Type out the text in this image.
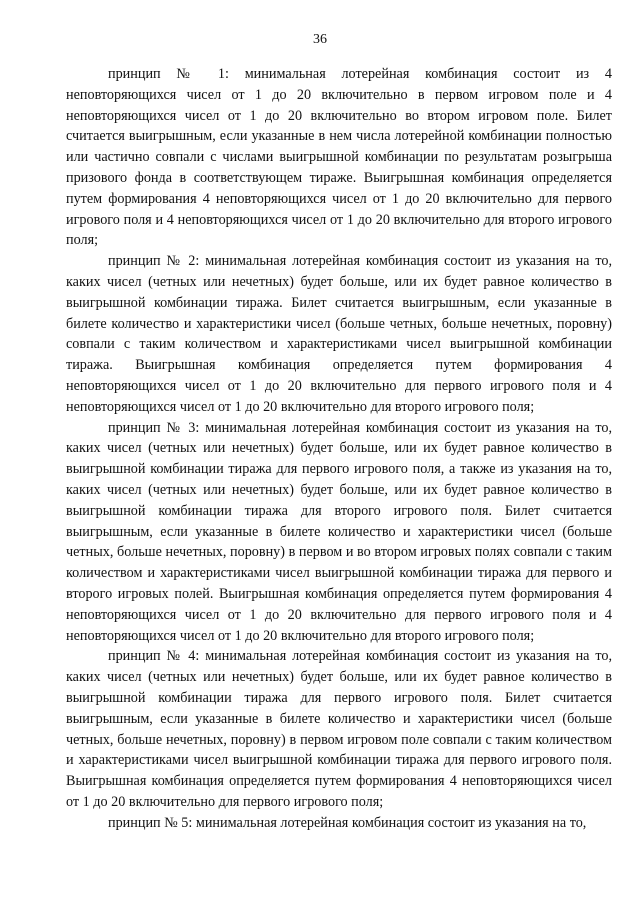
36

принцип № 1: минимальная лотерейная комбинация состоит из 4 неповторяющихся чисел от 1 до 20 включительно в первом игровом поле и 4 неповторяющихся чисел от 1 до 20 включительно во втором игровом поле. Билет считается выигрышным, если указанные в нем числа лотерейной комбинации полностью или частично совпали с числами выигрышной комбинации по результатам розыгрыша призового фонда в соответствующем тираже. Выигрышная комбинация определяется путем формирования 4 неповторяющихся чисел от 1 до 20 включительно для первого игрового поля и 4 неповторяющихся чисел от 1 до 20 включительно для второго игрового поля;

принцип № 2: минимальная лотерейная комбинация состоит из указания на то, каких чисел (четных или нечетных) будет больше, или их будет равное количество в выигрышной комбинации тиража. Билет считается выигрышным, если указанные в билете количество и характеристики чисел (больше четных, больше нечетных, поровну) совпали с таким количеством и характеристиками чисел выигрышной комбинации тиража. Выигрышная комбинация определяется путем формирования 4 неповторяющихся чисел от 1 до 20 включительно для первого игрового поля и 4 неповторяющихся чисел от 1 до 20 включительно для второго игрового поля;

принцип № 3: минимальная лотерейная комбинация состоит из указания на то, каких чисел (четных или нечетных) будет больше, или их будет равное количество в выигрышной комбинации тиража для первого игрового поля, а также из указания на то, каких чисел (четных или нечетных) будет больше, или их будет равное количество в выигрышной комбинации тиража для второго игрового поля. Билет считается выигрышным, если указанные в билете количество и характеристики чисел (больше четных, больше нечетных, поровну) в первом и во втором игровых полях совпали с таким количеством и характеристиками чисел выигрышной комбинации тиража для первого и второго игровых полей. Выигрышная комбинация определяется путем формирования 4 неповторяющихся чисел от 1 до 20 включительно для первого игрового поля и 4 неповторяющихся чисел от 1 до 20 включительно для второго игрового поля;

принцип № 4: минимальная лотерейная комбинация состоит из указания на то, каких чисел (четных или нечетных) будет больше, или их будет равное количество в выигрышной комбинации тиража для первого игрового поля. Билет считается выигрышным, если указанные в билете количество и характеристики чисел (больше четных, больше нечетных, поровну) в первом игровом поле совпали с таким количеством и характеристиками чисел выигрышной комбинации тиража для первого игрового поля. Выигрышная комбинация определяется путем формирования 4 неповторяющихся чисел от 1 до 20 включительно для первого игрового поля;

принцип № 5: минимальная лотерейная комбинация состоит из указания на то,
